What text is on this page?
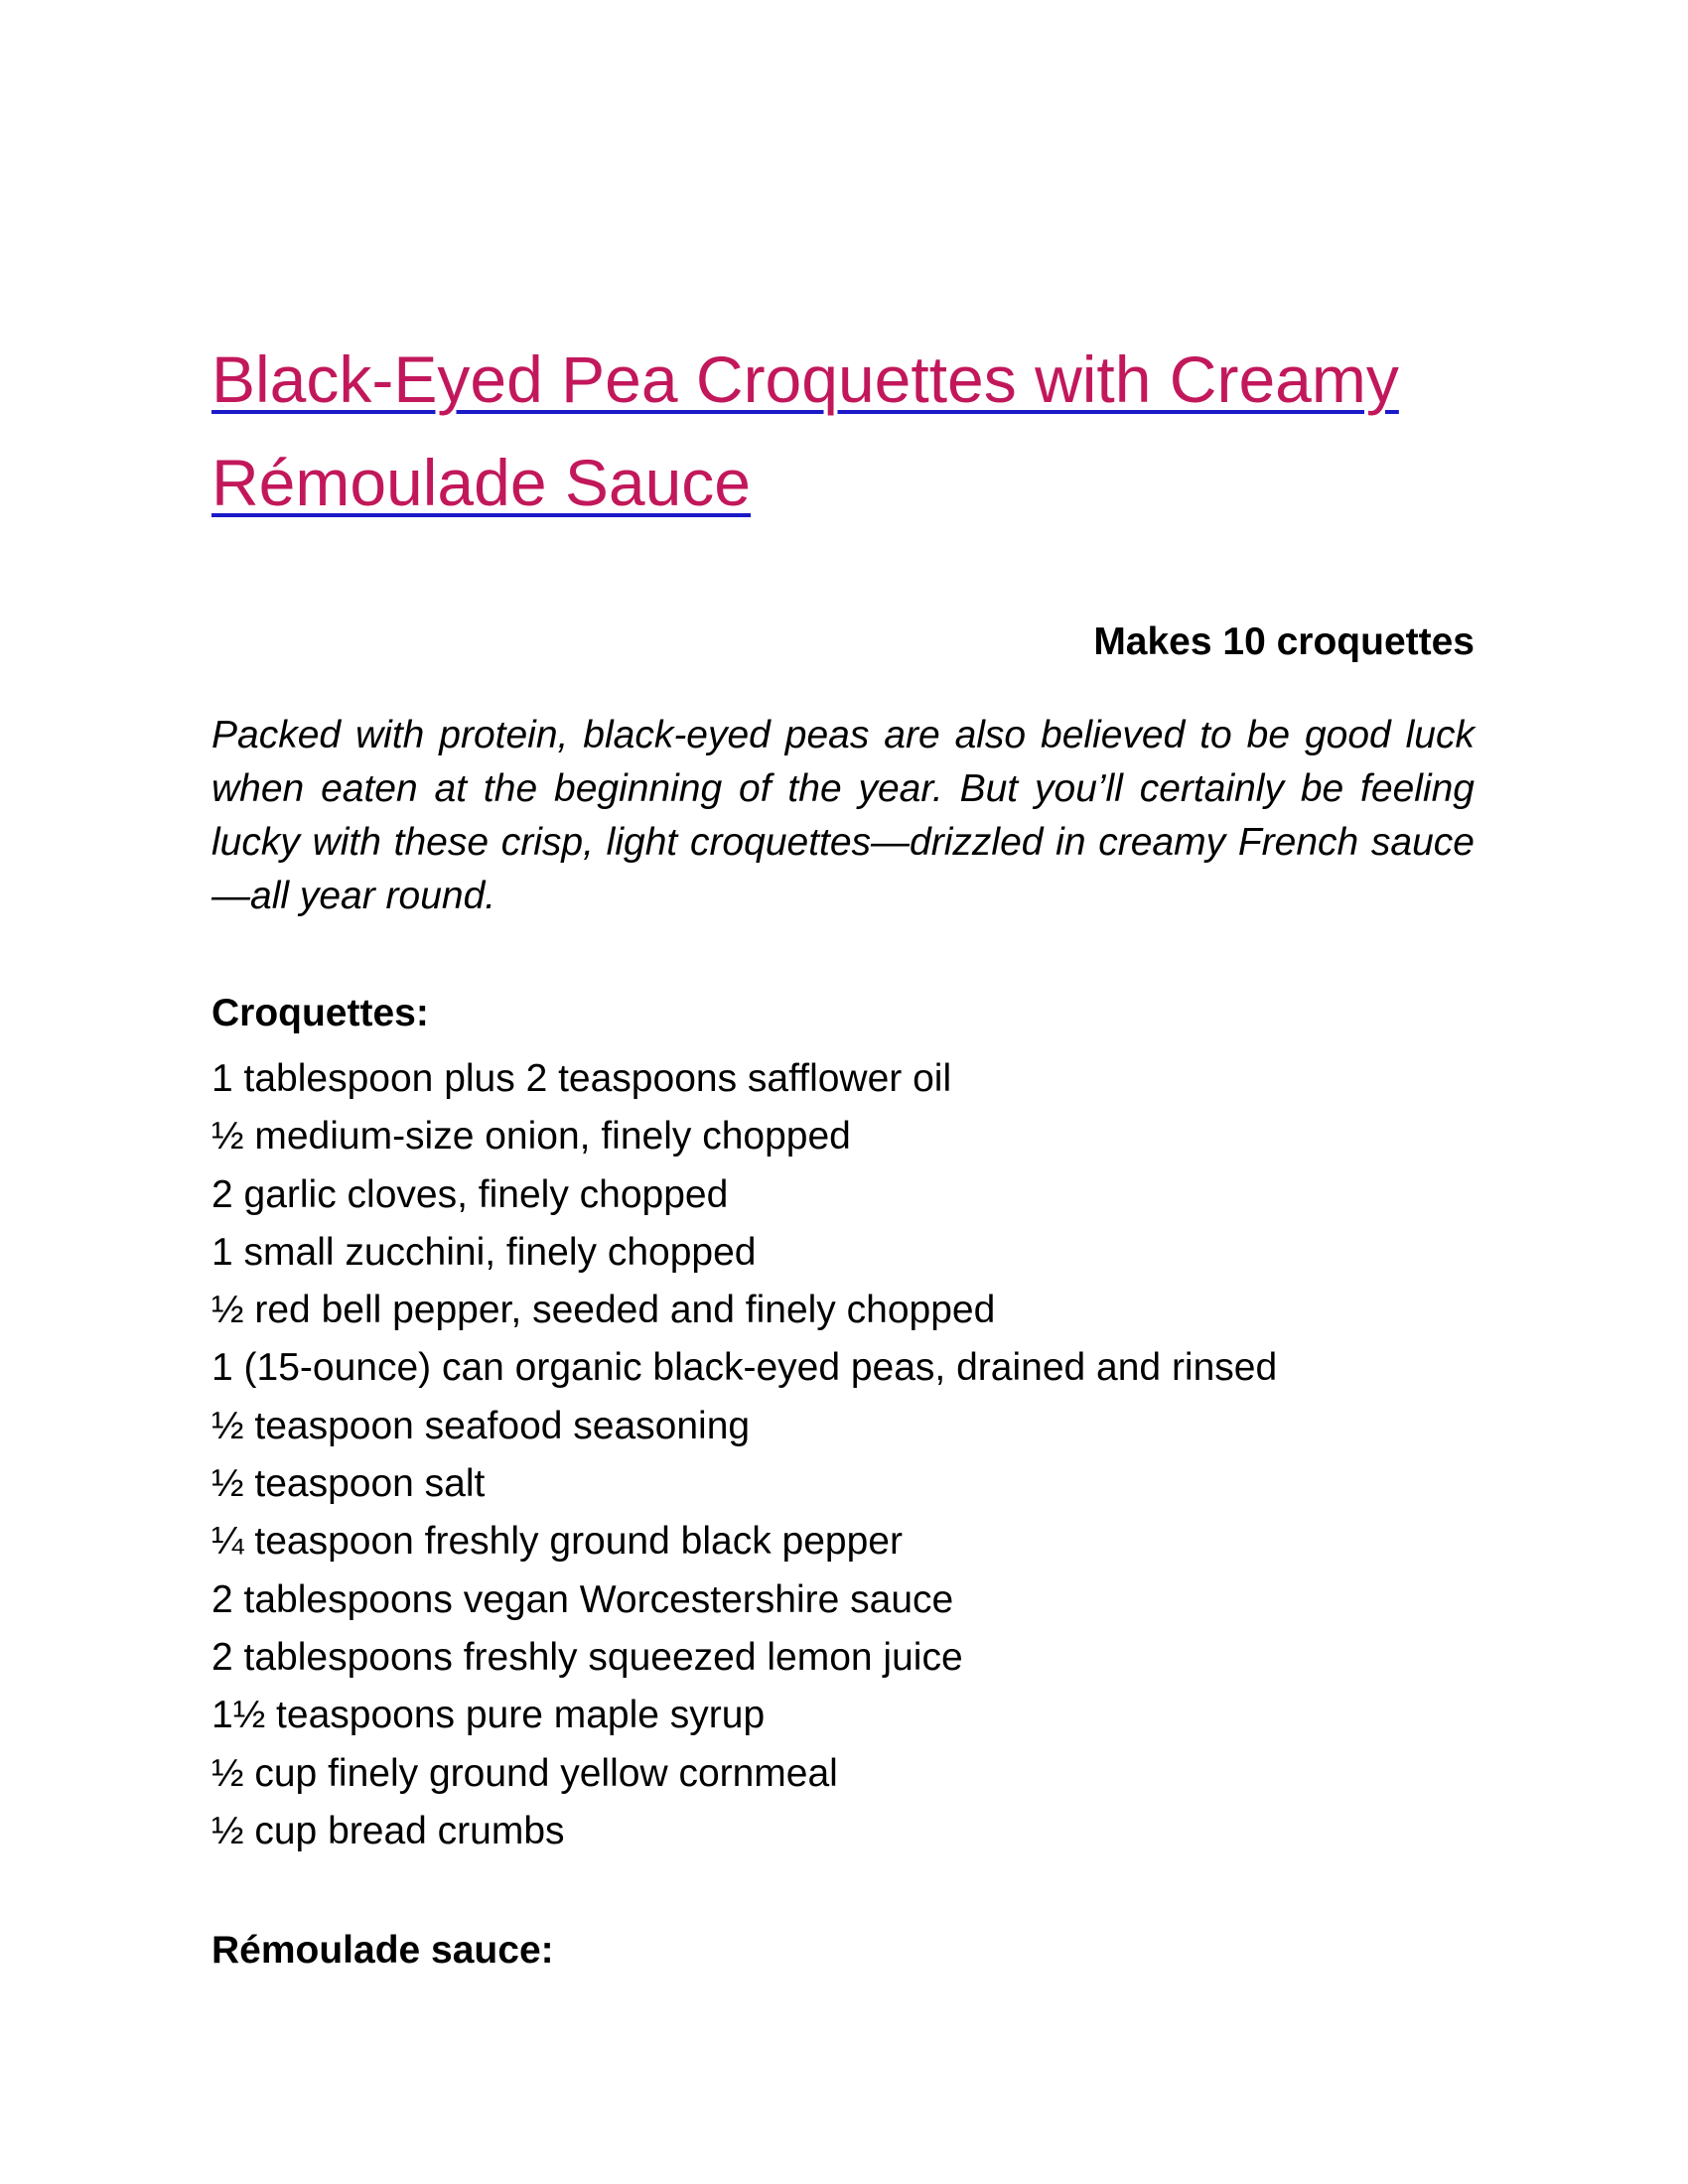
Black-Eyed Pea Croquettes with Creamy Rémoulade Sauce

Makes 10 croquettes

Packed with protein, black-eyed peas are also believed to be good luck when eaten at the beginning of the year. But you’ll certainly be feeling lucky with these crisp, light croquettes—drizzled in creamy French sauce—all year round.

Croquettes:
1 tablespoon plus 2 teaspoons safflower oil
½ medium-size onion, finely chopped
2 garlic cloves, finely chopped
1 small zucchini, finely chopped
½ red bell pepper, seeded and finely chopped
1 (15-ounce) can organic black-eyed peas, drained and rinsed
½ teaspoon seafood seasoning
½ teaspoon salt
¼ teaspoon freshly ground black pepper
2 tablespoons vegan Worcestershire sauce
2 tablespoons freshly squeezed lemon juice
1½ teaspoons pure maple syrup
½ cup finely ground yellow cornmeal
½ cup bread crumbs
Rémoulade sauce:
